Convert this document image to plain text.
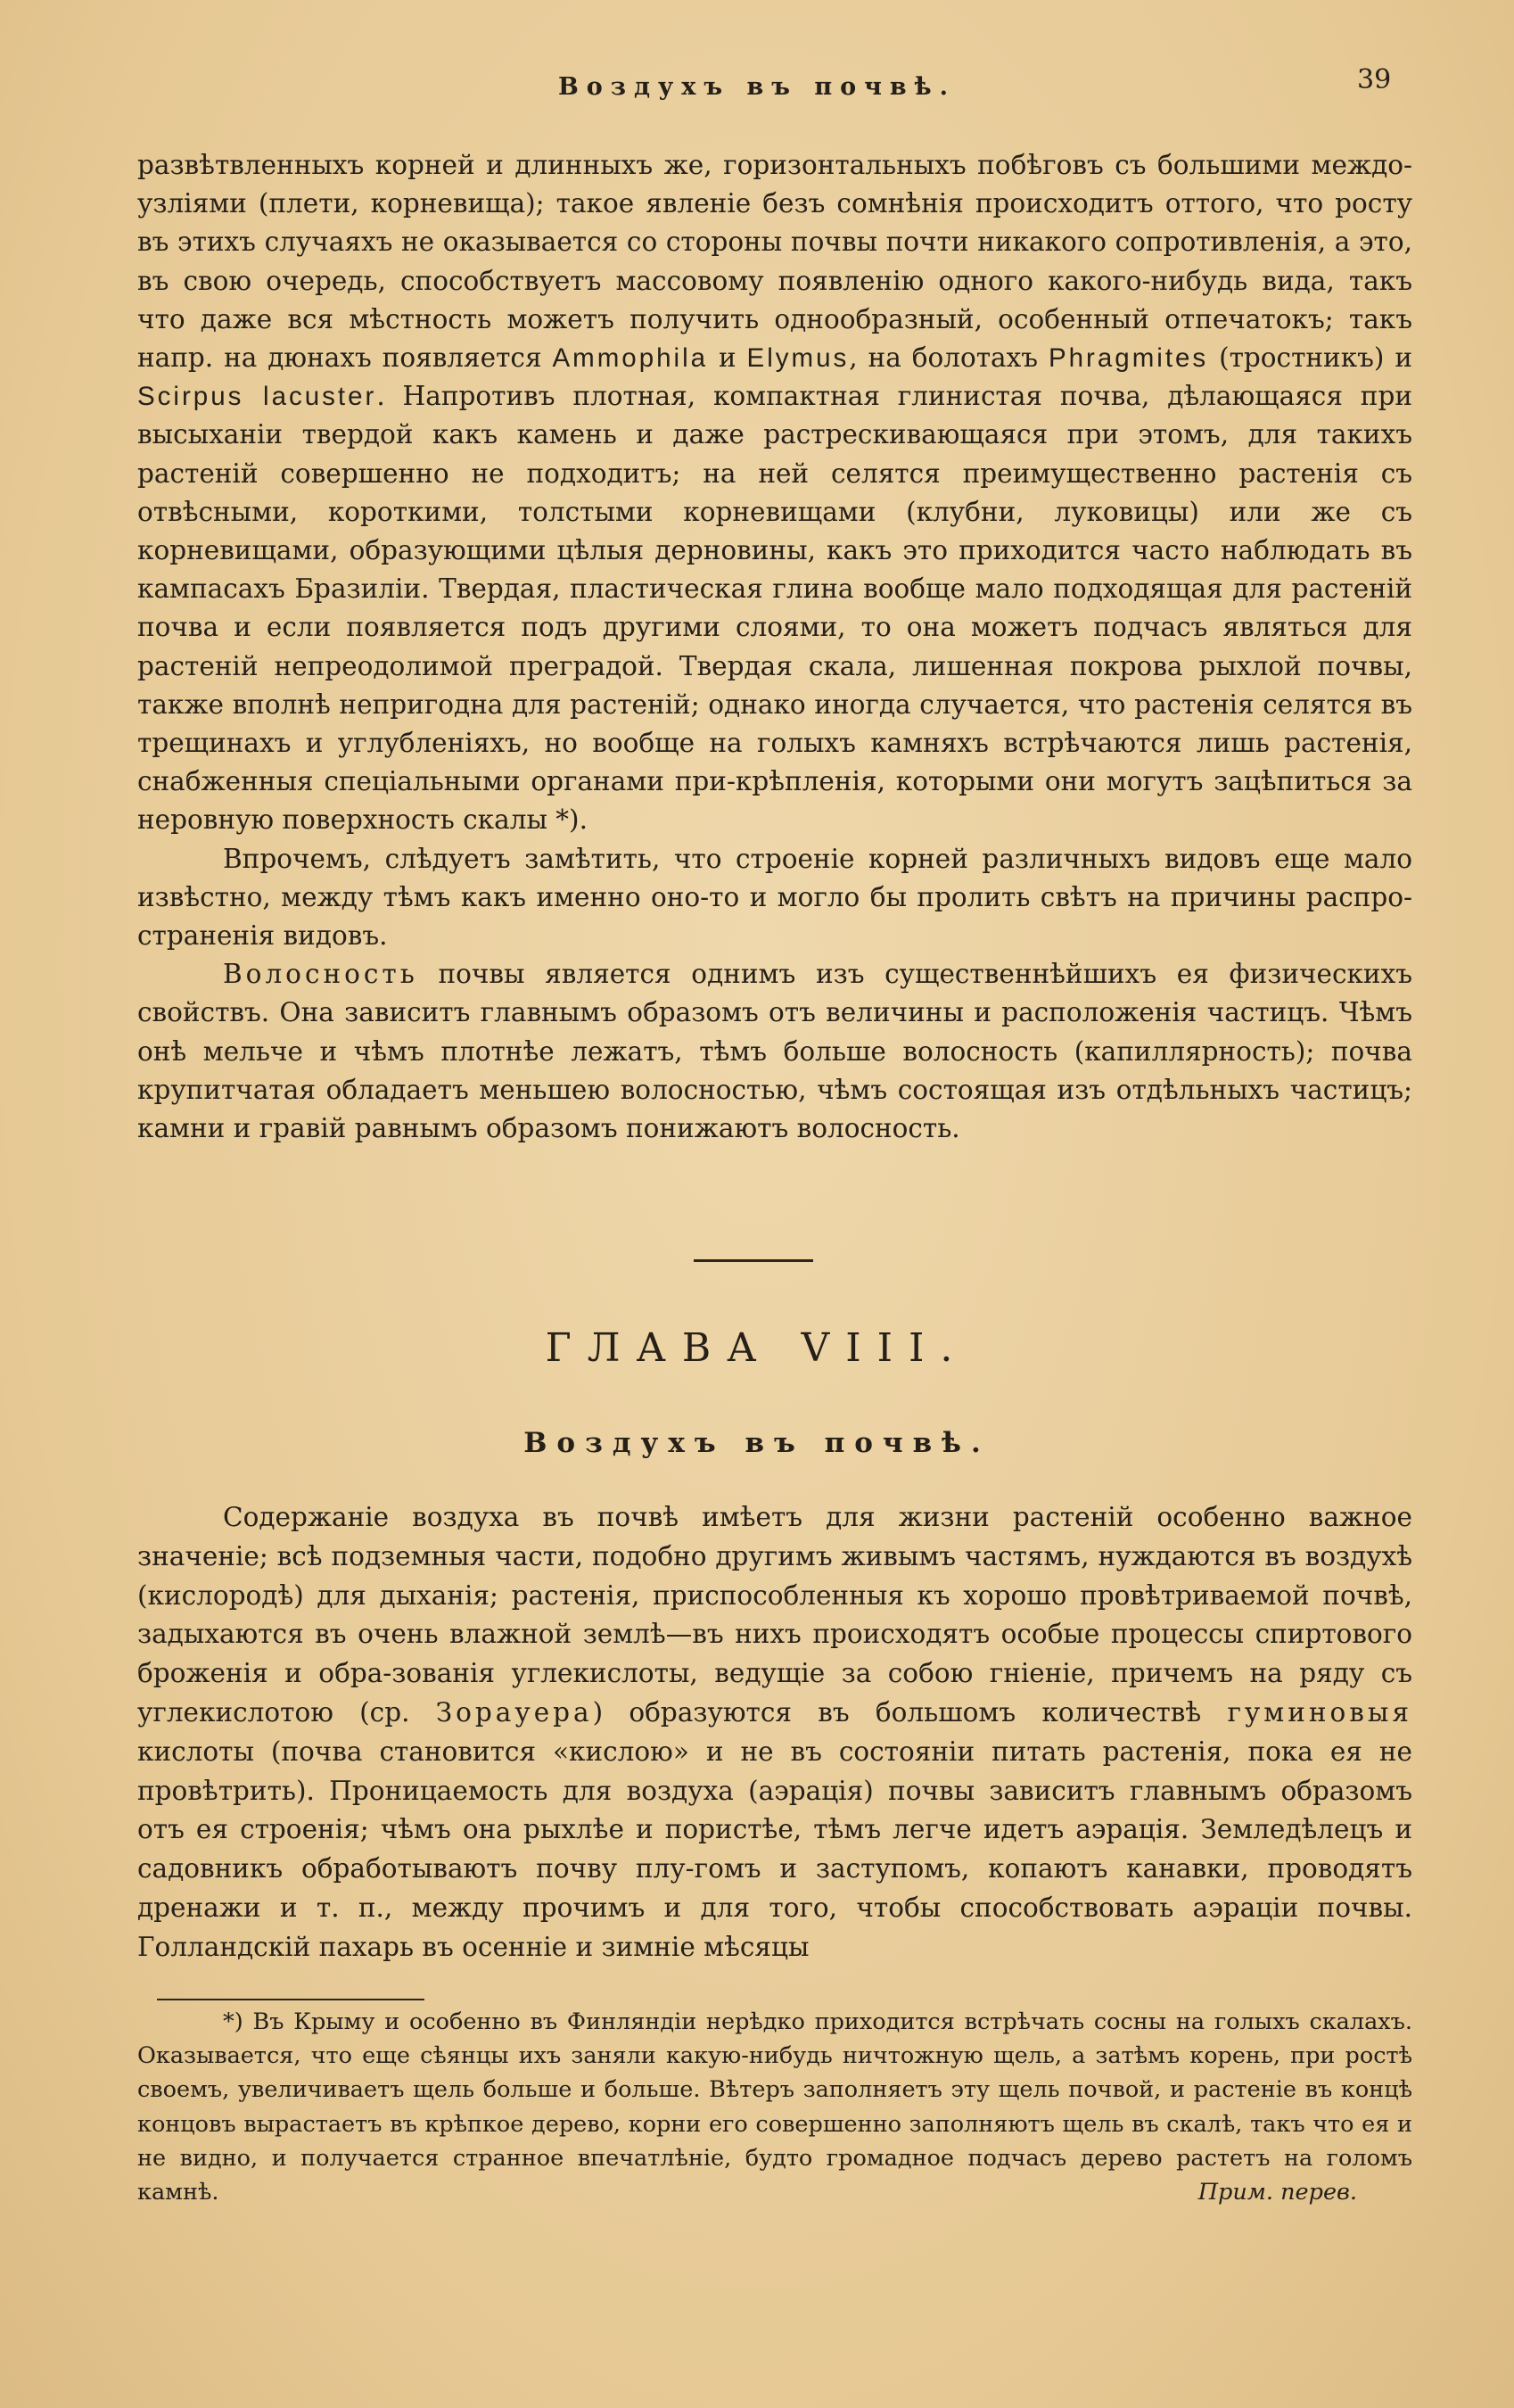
Воздухъ въ почвѣ.	39

развѣтвленныхъ корней и длинныхъ же, горизонтальныхъ побѣговъ съ большими междо-узліями (плети, корневища); такое явленіе безъ сомнѣнія происходитъ оттого, что росту въ этихъ случаяхъ не оказывается со стороны почвы почти никакого сопротивленія, а это, въ свою очередь, способствуетъ массовому появленію одного какого-нибудь вида, такъ что даже вся мѣстность можетъ получить однообразный, особенный отпечатокъ; такъ напр. на дюнахъ появляется Ammophila и Elymus, на болотахъ Phragmites (тростникъ) и Scirpus lacuster. Напротивъ плотная, компактная глинистая почва, дѣлающаяся при высыханіи твердой какъ камень и даже растрескивающаяся при этомъ, для такихъ растеній совершенно не подходитъ; на ней селятся преимущественно растенія съ отвѣсными, короткими, толстыми корневищами (клубни, луковицы) или же съ корневищами, образующими цѣлыя дерновины, какъ это приходится часто наблюдать въ кампасахъ Бразиліи. Твердая, пластическая глина вообще мало подходящая для растеній почва и если появляется подъ другими слоями, то она можетъ подчасъ являться для растеній непреодолимой преградой. Твердая скала, лишенная покрова рыхлой почвы, также вполнѣ непригодна для растеній; однако иногда случается, что растенія селятся въ трещинахъ и углубленіяхъ, но вообще на голыхъ камняхъ встрѣчаются лишь растенія, снабженныя спеціальными органами при-крѣпленія, которыми они могутъ зацѣпиться за неровную поверхность скалы *).

Впрочемъ, слѣдуетъ замѣтить, что строеніе корней различныхъ видовъ еще мало извѣстно, между тѣмъ какъ именно оно-то и могло бы пролить свѣтъ на причины распро-страненія видовъ.

Волосность почвы является однимъ изъ существеннѣйшихъ ея физическихъ свойствъ. Она зависитъ главнымъ образомъ отъ величины и расположенія частицъ. Чѣмъ онѣ мельче и чѣмъ плотнѣе лежатъ, тѣмъ больше волосность (капиллярность); почва крупитчатая обладаетъ меньшею волосностью, чѣмъ состоящая изъ отдѣльныхъ частицъ; камни и гравій равнымъ образомъ понижаютъ волосность.

ГЛАВА VIII.
Воздухъ въ почвѣ.

Содержаніе воздуха въ почвѣ имѣетъ для жизни растеній особенно важное значеніе; всѣ подземныя части, подобно другимъ живымъ частямъ, нуждаются въ воздухѣ (кислородѣ) для дыханія; растенія, приспособленныя къ хорошо провѣтриваемой почвѣ, задыхаются въ очень влажной землѣ—въ нихъ происходятъ особые процессы спиртового броженія и обра-зованія углекислоты, ведущіе за собою гніеніе, причемъ на ряду съ углекислотою (ср. Зорауера) образуются въ большомъ количествѣ гуминовыя кислоты (почва становится «кислою» и не въ состояніи питать растенія, пока ея не провѣтрить). Проницаемость для воздуха (аэрація) почвы зависитъ главнымъ образомъ отъ ея строенія; чѣмъ она рыхлѣе и пористѣе, тѣмъ легче идетъ аэрація. Земледѣлецъ и садовникъ обработываютъ почву плу-гомъ и заступомъ, копаютъ канавки, проводятъ дренажи и т. п., между прочимъ и для того, чтобы способствовать аэраціи почвы. Голландскій пахарь въ осенніе и зимніе мѣсяцы

*) Въ Крыму и особенно въ Финляндіи нерѣдко приходится встрѣчать сосны на голыхъ скалахъ. Оказывается, что еще сѣянцы ихъ заняли какую-нибудь ничтожную щель, а затѣмъ корень, при ростѣ своемъ, увеличиваетъ щель больше и больше. Вѣтеръ заполняетъ эту щель почвой, и растеніе въ концѣ концовъ вырастаетъ въ крѣпкое дерево, корни его совершенно заполняютъ щель въ скалѣ, такъ что ея и не видно, и получается странное впечатлѣніе, будто громадное подчасъ дерево растетъ на голомъ камнѣ.	Прим. перев.
